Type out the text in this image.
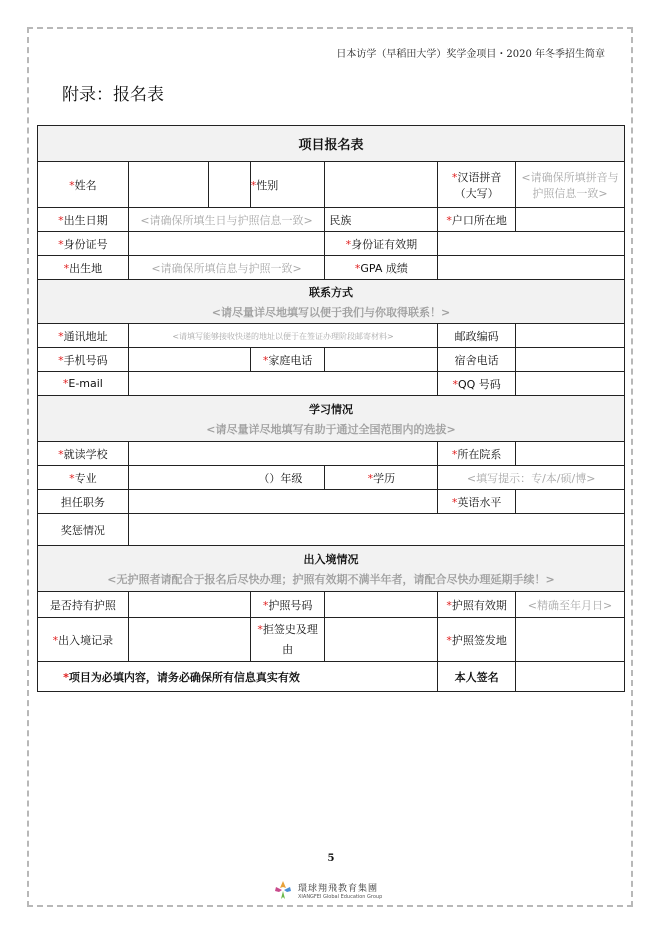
日本访学（早稻田大学）奖学金项目・2020 年冬季招生简章
附录：报名表
项目报名表						
*姓名			*性别		*汉语拼音（大写）	<请确保所填拼音与护照信息一致>
*出生日期	<请确保所填生日与护照信息一致>			民族	*户口所在地	
*身份证号				*身份证有效期		
*出生地	<请确保所填信息与护照一致>			*GPA 成绩		

联系方式
<请尽量详尽地填写以便于我们与你取得联系！>						

*通讯地址	<请填写能够接收快递的地址以便于在签证办理阶段邮寄材料>				邮政编码	
*手机号码			*家庭电话		宿舍电话	
*E-mail					*QQ 号码	

学习情况
<请尽量详尽地填写有助于通过全国范围内的选拔>						

*就读学校					*所在院系	
*专业	（）年级			*学历	<填写提示：专/本/硕/博>	
担任职务					*英语水平	
奖惩情况						

出入境情况
<无护照者请配合于报名后尽快办理；护照有效期不满半年者，请配合尽快办理延期手续！>						

是否持有护照			*护照号码		*护照有效期	<精确至年月日>
*出入境记录			*拒签史及理由		*护照签发地	
*项目为必填内容，请务必确保所有信息真实有效					本人签名	
5
環球翔飛教育集團
XIANGFEI Global Education Group
